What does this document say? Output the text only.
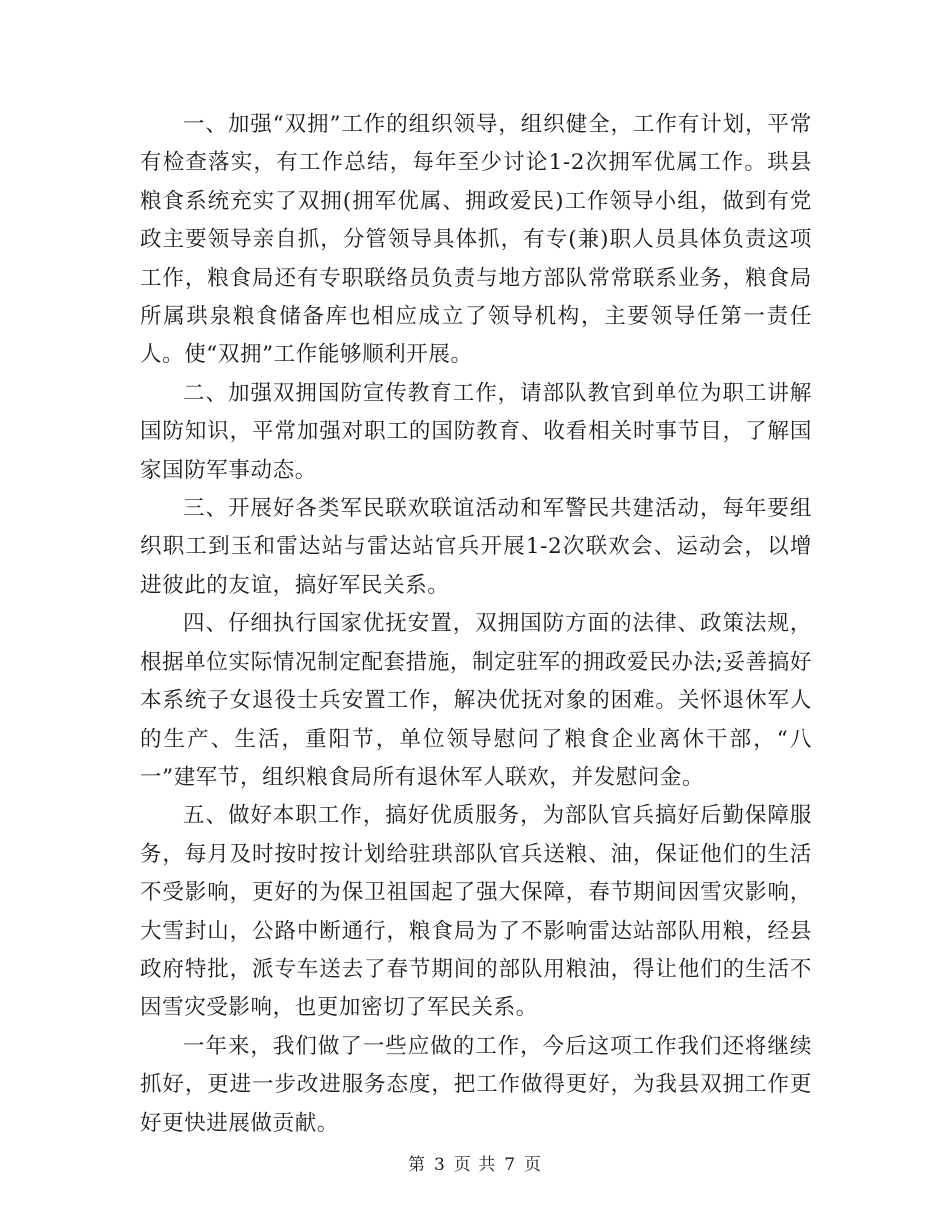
一、加强“双拥”工作的组织领导，组织健全，工作有计划，平常有检查落实，有工作总结，每年至少讨论1-2次拥军优属工作。珙县粮食系统充实了双拥(拥军优属、拥政爱民)工作领导小组，做到有党政主要领导亲自抓，分管领导具体抓，有专(兼)职人员具体负责这项工作，粮食局还有专职联络员负责与地方部队常常联系业务，粮食局所属珙泉粮食储备库也相应成立了领导机构，主要领导任第一责任人。使“双拥”工作能够顺利开展。

二、加强双拥国防宣传教育工作，请部队教官到单位为职工讲解国防知识，平常加强对职工的国防教育、收看相关时事节目，了解国家国防军事动态。

三、开展好各类军民联欢联谊活动和军警民共建活动，每年要组织职工到玉和雷达站与雷达站官兵开展1-2次联欢会、运动会，以增进彼此的友谊，搞好军民关系。

四、仔细执行国家优抚安置，双拥国防方面的法律、政策法规，根据单位实际情况制定配套措施，制定驻军的拥政爱民办法;妥善搞好本系统子女退役士兵安置工作，解决优抚对象的困难。关怀退休军人的生产、生活，重阳节，单位领导慰问了粮食企业离休干部，“八一”建军节，组织粮食局所有退休军人联欢，并发慰问金。

五、做好本职工作，搞好优质服务，为部队官兵搞好后勤保障服务，每月及时按时按计划给驻珙部队官兵送粮、油，保证他们的生活不受影响，更好的为保卫祖国起了强大保障，春节期间因雪灾影响，大雪封山，公路中断通行，粮食局为了不影响雷达站部队用粮，经县政府特批，派专车送去了春节期间的部队用粮油，得让他们的生活不因雪灾受影响，也更加密切了军民关系。

一年来，我们做了一些应做的工作，今后这项工作我们还将继续抓好，更进一步改进服务态度，把工作做得更好，为我县双拥工作更好更快进展做贡献。

第 3 页 共 7 页
